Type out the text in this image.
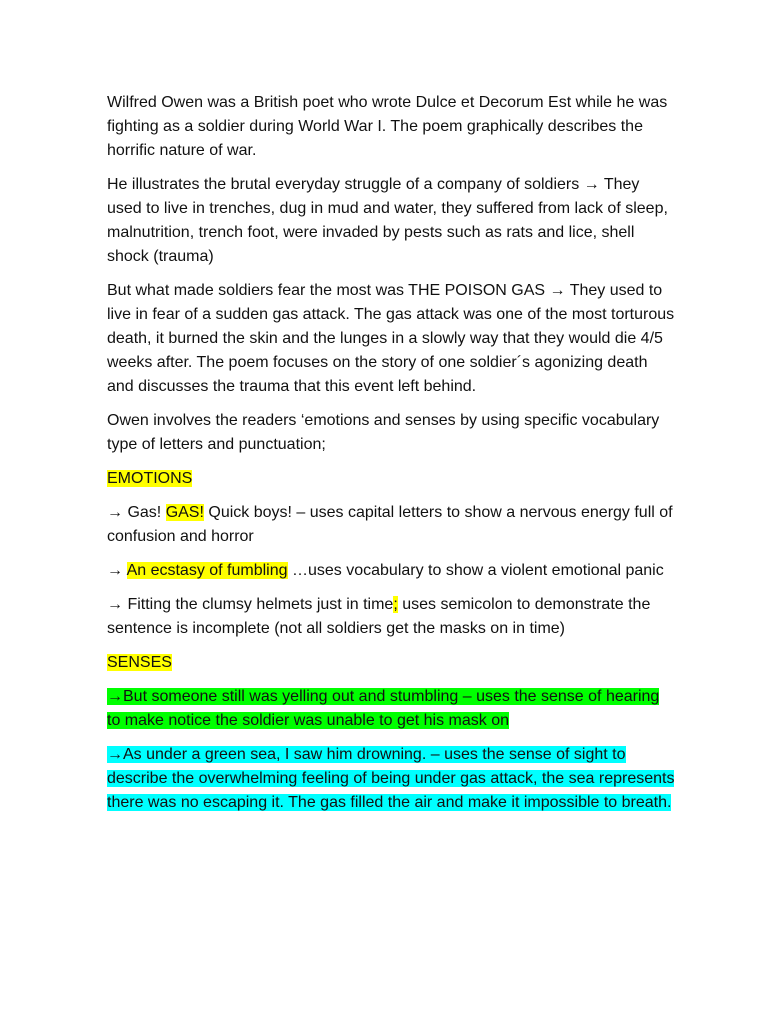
Wilfred Owen was a British poet who wrote Dulce et Decorum Est while he was fighting as a soldier during World War I. The poem graphically describes the horrific nature of war.

He illustrates the brutal everyday struggle of a company of soldiers → They used to live in trenches, dug in mud and water, they suffered from lack of sleep, malnutrition, trench foot, were invaded by pests such as rats and lice, shell shock (trauma)

But what made soldiers fear the most was THE POISON GAS → They used to live in fear of a sudden gas attack. The gas attack was one of the most torturous death, it burned the skin and the lunges in a slowly way that they would die 4/5 weeks after. The poem focuses on the story of one soldier´s agonizing death and discusses the trauma that this event left behind.

Owen involves the readers ‘emotions and senses by using specific vocabulary type of letters and punctuation;

EMOTIONS

→ Gas! GAS! Quick boys! – uses capital letters to show a nervous energy full of confusion and horror

→ An ecstasy of fumbling …uses vocabulary to show a violent emotional panic

→ Fitting the clumsy helmets just in time; uses semicolon to demonstrate the sentence is incomplete (not all soldiers get the masks on in time)

SENSES

→But someone still was yelling out and stumbling – uses the sense of hearing to make notice the soldier was unable to get his mask on

→As under a green sea, I saw him drowning. – uses the sense of sight to describe the overwhelming feeling of being under gas attack, the sea represents there was no escaping it. The gas filled the air and make it impossible to breath.
